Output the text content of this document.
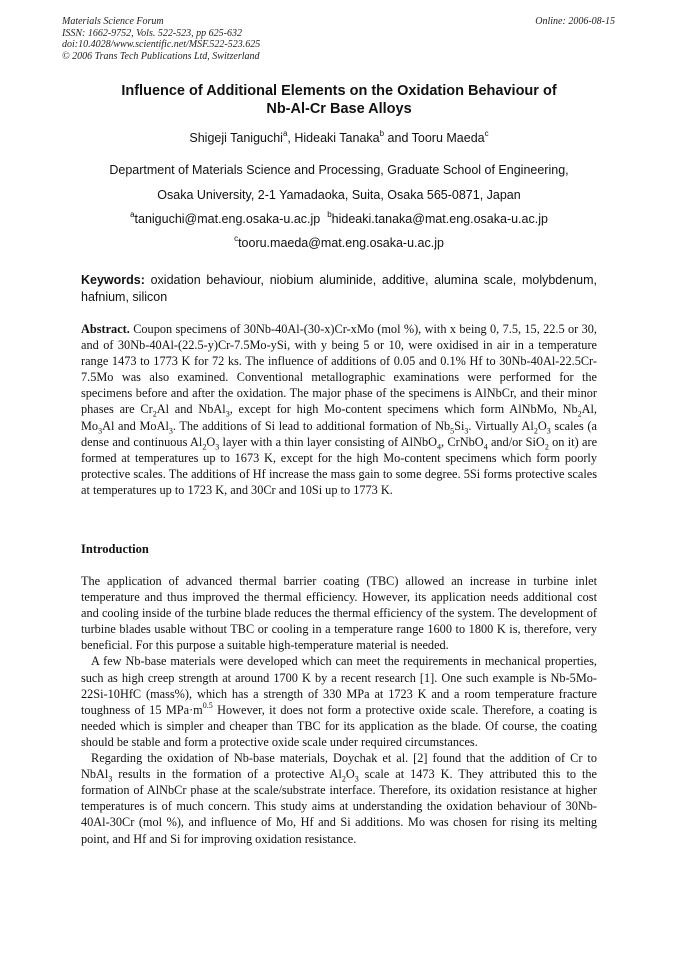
Materials Science Forum
ISSN: 1662-9752, Vols. 522-523, pp 625-632
doi:10.4028/www.scientific.net/MSF.522-523.625
© 2006 Trans Tech Publications Ltd, Switzerland
Online: 2006-08-15
Influence of Additional Elements on the Oxidation Behaviour of
Nb-Al-Cr Base Alloys
Shigeji Taniguchi$^a$, Hideaki Tanaka$^b$ and Tooru Maeda$^c$
Department of Materials Science and Processing, Graduate School of Engineering,
Osaka University, 2-1 Yamadaoka, Suita, Osaka 565-0871, Japan
$^a$taniguchi@mat.eng.osaka-u.ac.jp $^b$hideaki.tanaka@mat.eng.osaka-u.ac.jp
$^c$tooru.maeda@mat.eng.osaka-u.ac.jp
Keywords: oxidation behaviour, niobium aluminide, additive, alumina scale, molybdenum, hafnium, silicon
Abstract. Coupon specimens of 30Nb-40Al-(30-x)Cr-xMo (mol %), with x being 0, 7.5, 15, 22.5 or 30, and of 30Nb-40Al-(22.5-y)Cr-7.5Mo-ySi, with y being 5 or 10, were oxidised in air in a temperature range 1473 to 1773 K for 72 ks. The influence of additions of 0.05 and 0.1% Hf to 30Nb-40Al-22.5Cr-7.5Mo was also examined. Conventional metallographic examinations were performed for the specimens before and after the oxidation. The major phase of the specimens is AlNbCr, and their minor phases are $Cr_2Al$ and NbAl$_3$, except for high Mo-content specimens which form AlNbMo, $Nb_2Al$, $Mo_3Al$ and MoAl$_3$. The additions of Si lead to additional formation of $Nb_5Si_3$. Virtually $Al_2O_3$ scales (a dense and continuous $Al_2O_3$ layer with a thin layer consisting of AlNbO$_4$, CrNbO$_4$ and/or SiO$_2$ on it) are formed at temperatures up to 1673 K, except for the high Mo-content specimens which form poorly protective scales. The additions of Hf increase the mass gain to some degree. 5Si forms protective scales at temperatures up to 1723 K, and 30Cr and 10Si up to 1773 K.
Introduction

The application of advanced thermal barrier coating (TBC) allowed an increase in turbine inlet temperature and thus improved the thermal efficiency. However, its application needs additional cost and cooling inside of the turbine blade reduces the thermal efficiency of the system. The development of turbine blades usable without TBC or cooling in a temperature range 1600 to 1800 K is, therefore, very beneficial. For this purpose a suitable high-temperature material is needed.

A few Nb-base materials were developed which can meet the requirements in mechanical properties, such as high creep strength at around 1700 K by a recent research [1]. One such example is Nb-5Mo-22Si-10HfC (mass%), which has a strength of 330 MPa at 1723 K and a room temperature fracture toughness of 15 $MPa\cdot m^{0.5}$ However, it does not form a protective oxide scale. Therefore, a coating is needed which is simpler and cheaper than TBC for its application as the blade. Of course, the coating should be stable and form a protective oxide scale under required circumstances.

Regarding the oxidation of Nb-base materials, Doychak et al. [2] found that the addition of Cr to NbAl$_3$ results in the formation of a protective $Al_2O_3$ scale at 1473 K. They attributed this to the formation of AlNbCr phase at the scale/substrate interface. Therefore, its oxidation resistance at higher temperatures is of much concern. This study aims at understanding the oxidation behaviour of 30Nb-40Al-30Cr (mol %), and influence of Mo, Hf and Si additions. Mo was chosen for rising its melting point, and Hf and Si for improving oxidation resistance.
